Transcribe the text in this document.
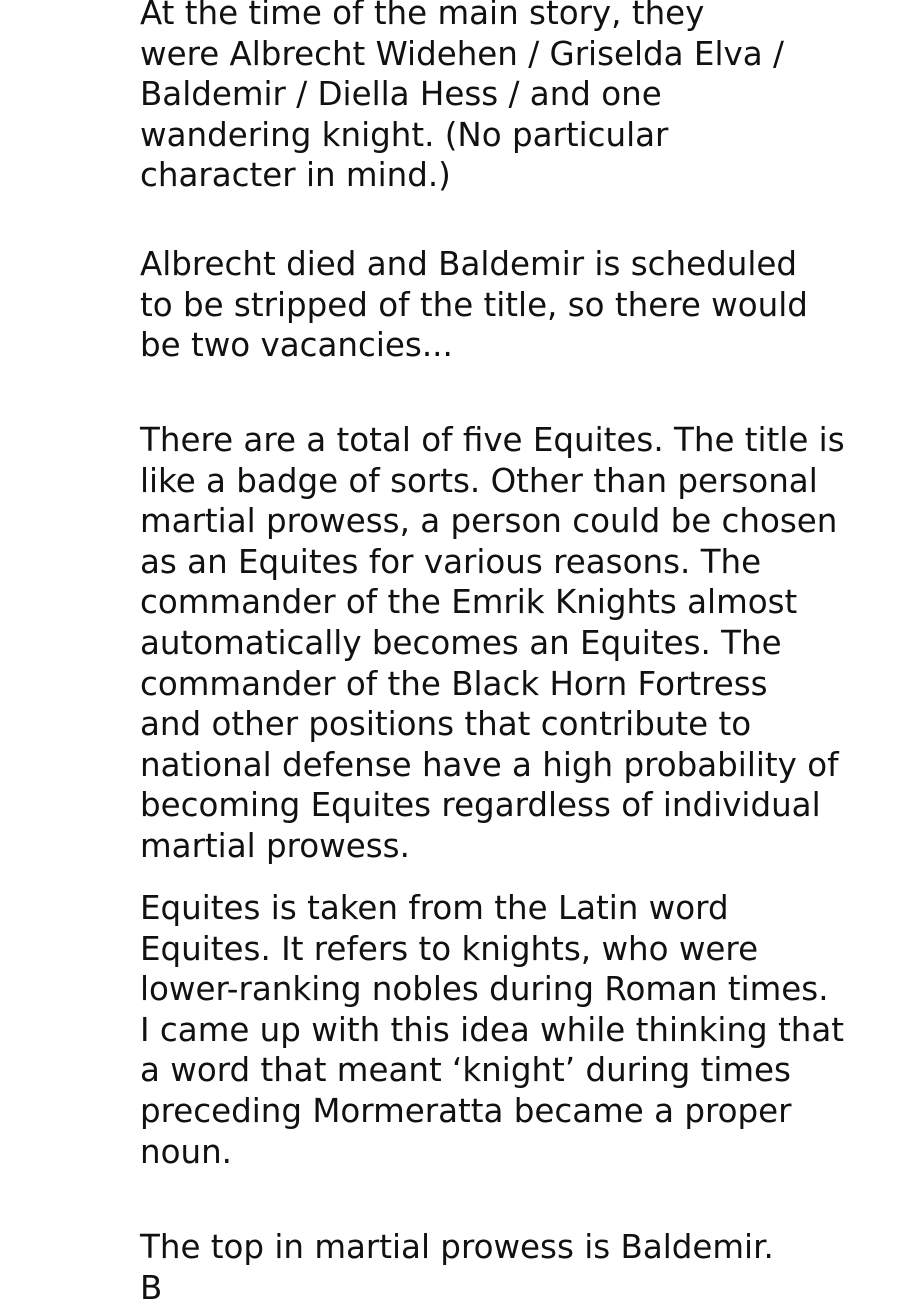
At the time of the main story, they
were Albrecht Widehen / Griselda Elva /
Baldemir / Diella Hess / and one
wandering knight. (No particular
character in mind.)

Albrecht died and Baldemir is scheduled
to be stripped of the title, so there would
be two vacancies...

There are a total of five Equites. The title is
like a badge of sorts. Other than personal
martial prowess, a person could be chosen
as an Equites for various reasons. The
commander of the Emrik Knights almost
automatically becomes an Equites. The
commander of the Black Horn Fortress
and other positions that contribute to
national defense have a high probability of
becoming Equites regardless of individual
martial prowess.

Equites is taken from the Latin word
Equites. It refers to knights, who were
lower-ranking nobles during Roman times.
I came up with this idea while thinking that
a word that meant ‘knight’ during times
preceding Mormeratta became a proper
noun.

The top in martial prowess is Baldemir.
B
